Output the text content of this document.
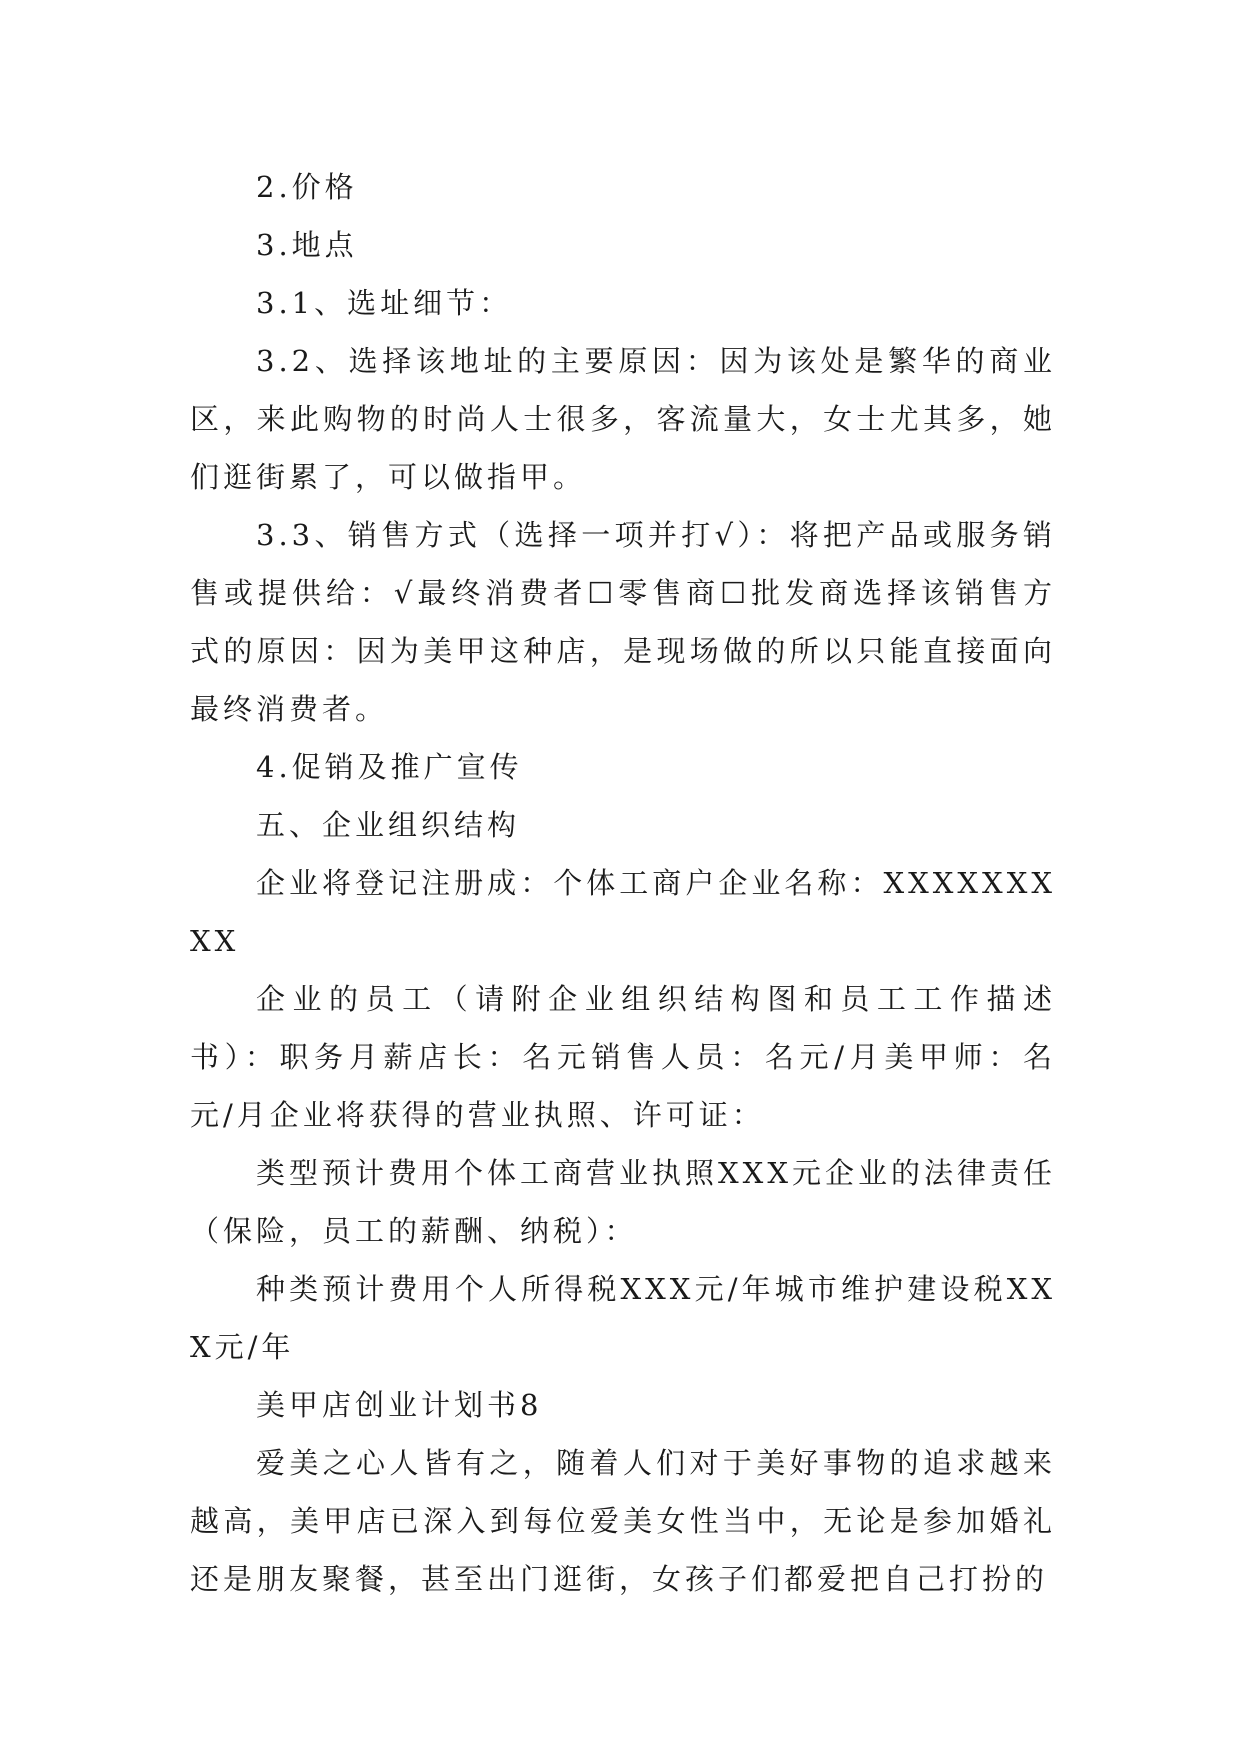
2.价格

3.地点

3.1、选址细节：

3.2、选择该地址的主要原因：因为该处是繁华的商业区，来此购物的时尚人士很多，客流量大，女士尤其多，她们逛街累了，可以做指甲。

3.3、销售方式（选择一项并打√）：将把产品或服务销售或提供给：√最终消费者☐零售商☐批发商选择该销售方式的原因：因为美甲这种店，是现场做的所以只能直接面向最终消费者。

4.促销及推广宣传

五、企业组织结构

企业将登记注册成：个体工商户企业名称：XXXXXXXXX

企业的员工（请附企业组织结构图和员工工作描述书）：职务月薪店长：名元销售人员：名元/月美甲师：名元/月企业将获得的营业执照、许可证：

类型预计费用个体工商营业执照XXX元企业的法律责任（保险，员工的薪酬、纳税）：

种类预计费用个人所得税XXX元/年城市维护建设税XXX元/年

美甲店创业计划书8

爱美之心人皆有之，随着人们对于美好事物的追求越来越高，美甲店已深入到每位爱美女性当中，无论是参加婚礼还是朋友聚餐，甚至出门逛街，女孩子们都爱把自己打扮的
